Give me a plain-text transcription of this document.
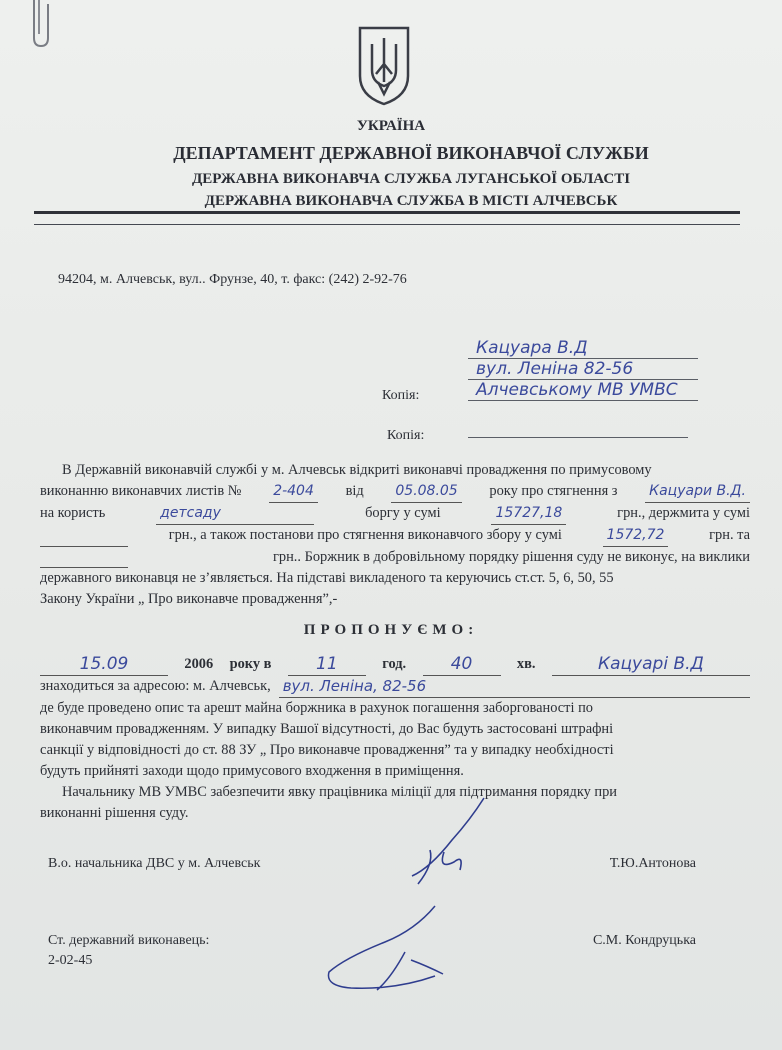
УКРАЇНА
ДЕПАРТАМЕНТ ДЕРЖАВНОЇ ВИКОНАВЧОЇ СЛУЖБИ
ДЕРЖАВНА ВИКОНАВЧА СЛУЖБА ЛУГАНСЬКОЇ ОБЛАСТІ
ДЕРЖАВНА ВИКОНАВЧА СЛУЖБА В МІСТІ АЛЧЕВСЬК
94204, м. Алчевськ, вул.. Фрунзе, 40, т. факс: (242) 2-92-76
Кацуара В.Д
вул. Леніна 82-56
Алчевському МВ УМВС
Копія:
Копія:
В Державній виконавчій службі у м. Алчевськ відкриті виконавчі провадження по примусовому
виконанню виконавчих листів № 2-404 від 05.08.05 року про стягнення з Кацуари В.Д.
на користь	детсаду	боргу у сумі	15727,18	грн., держмита у сумі
грн., а також постанови про стягнення виконавчого збору у сумі	1572,72	грн. та
грн.. Боржник в добровільному порядку рішення суду не виконує, на виклики
державного виконавця не з’являється. На підставі викладеного та керуючись ст.ст. 5, 6, 50, 55
Закону України „ Про виконавче провадження”,-
ПРОПОНУЄМО:
15.09	2006 року в	11	год.	40	хв.	Кацуарі В.Д
знаходиться за адресою: м. Алчевськ, вул. Леніна, 82-56
де буде проведено опис та арешт майна боржника в рахунок погашення заборгованості по
виконавчим провадженням. У випадку Вашої відсутності, до Вас будуть застосовані штрафні
санкції у відповідності до ст. 88 ЗУ „ Про виконавче провадження” та у випадку необхідності
будуть прийняті заходи щодо примусового входження в приміщення.
Начальнику МВ УМВС забезпечити явку працівника міліції для підтримання порядку при
виконанні рішення суду.
В.о. начальника ДВС у м. Алчевськ	Т.Ю.Антонова
Ст. державний виконавець:
2-02-45
С.М. Кондруцька
